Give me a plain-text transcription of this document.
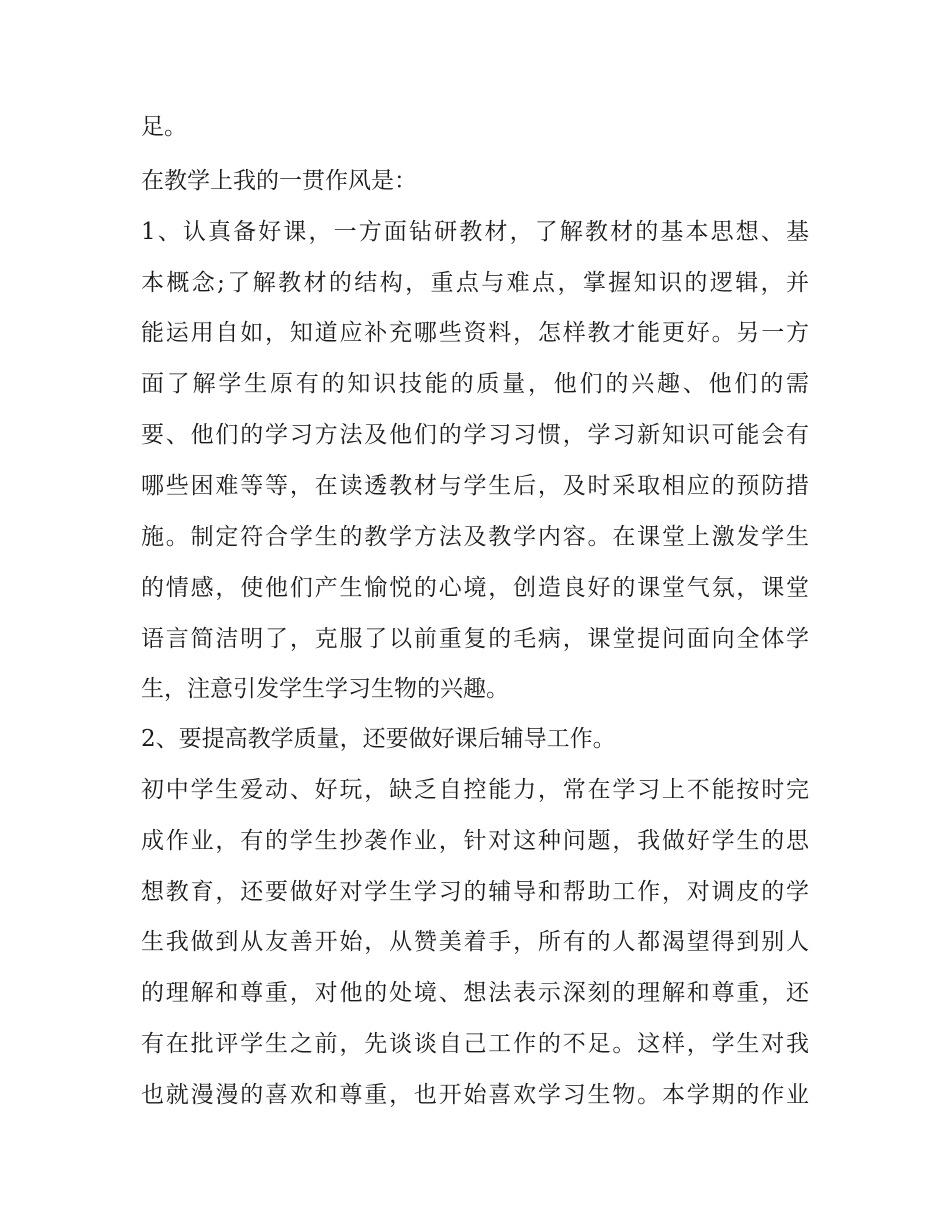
足。
在教学上我的一贯作风是：
1、认真备好课，一方面钻研教材，了解教材的基本思想、基
本概念;了解教材的结构，重点与难点，掌握知识的逻辑，并
能运用自如，知道应补充哪些资料，怎样教才能更好。另一方
面了解学生原有的知识技能的质量，他们的兴趣、他们的需
要、他们的学习方法及他们的学习习惯，学习新知识可能会有
哪些困难等等，在读透教材与学生后，及时采取相应的预防措
施。制定符合学生的教学方法及教学内容。在课堂上激发学生
的情感，使他们产生愉悦的心境，创造良好的课堂气氛，课堂
语言简洁明了，克服了以前重复的毛病，课堂提问面向全体学
生，注意引发学生学习生物的兴趣。
2、要提高教学质量，还要做好课后辅导工作。
初中学生爱动、好玩，缺乏自控能力，常在学习上不能按时完
成作业，有的学生抄袭作业，针对这种问题，我做好学生的思
想教育，还要做好对学生学习的辅导和帮助工作，对调皮的学
生我做到从友善开始，从赞美着手，所有的人都渴望得到别人
的理解和尊重，对他的处境、想法表示深刻的理解和尊重，还
有在批评学生之前，先谈谈自己工作的不足。这样，学生对我
也就漫漫的喜欢和尊重，也开始喜欢学习生物。本学期的作业
